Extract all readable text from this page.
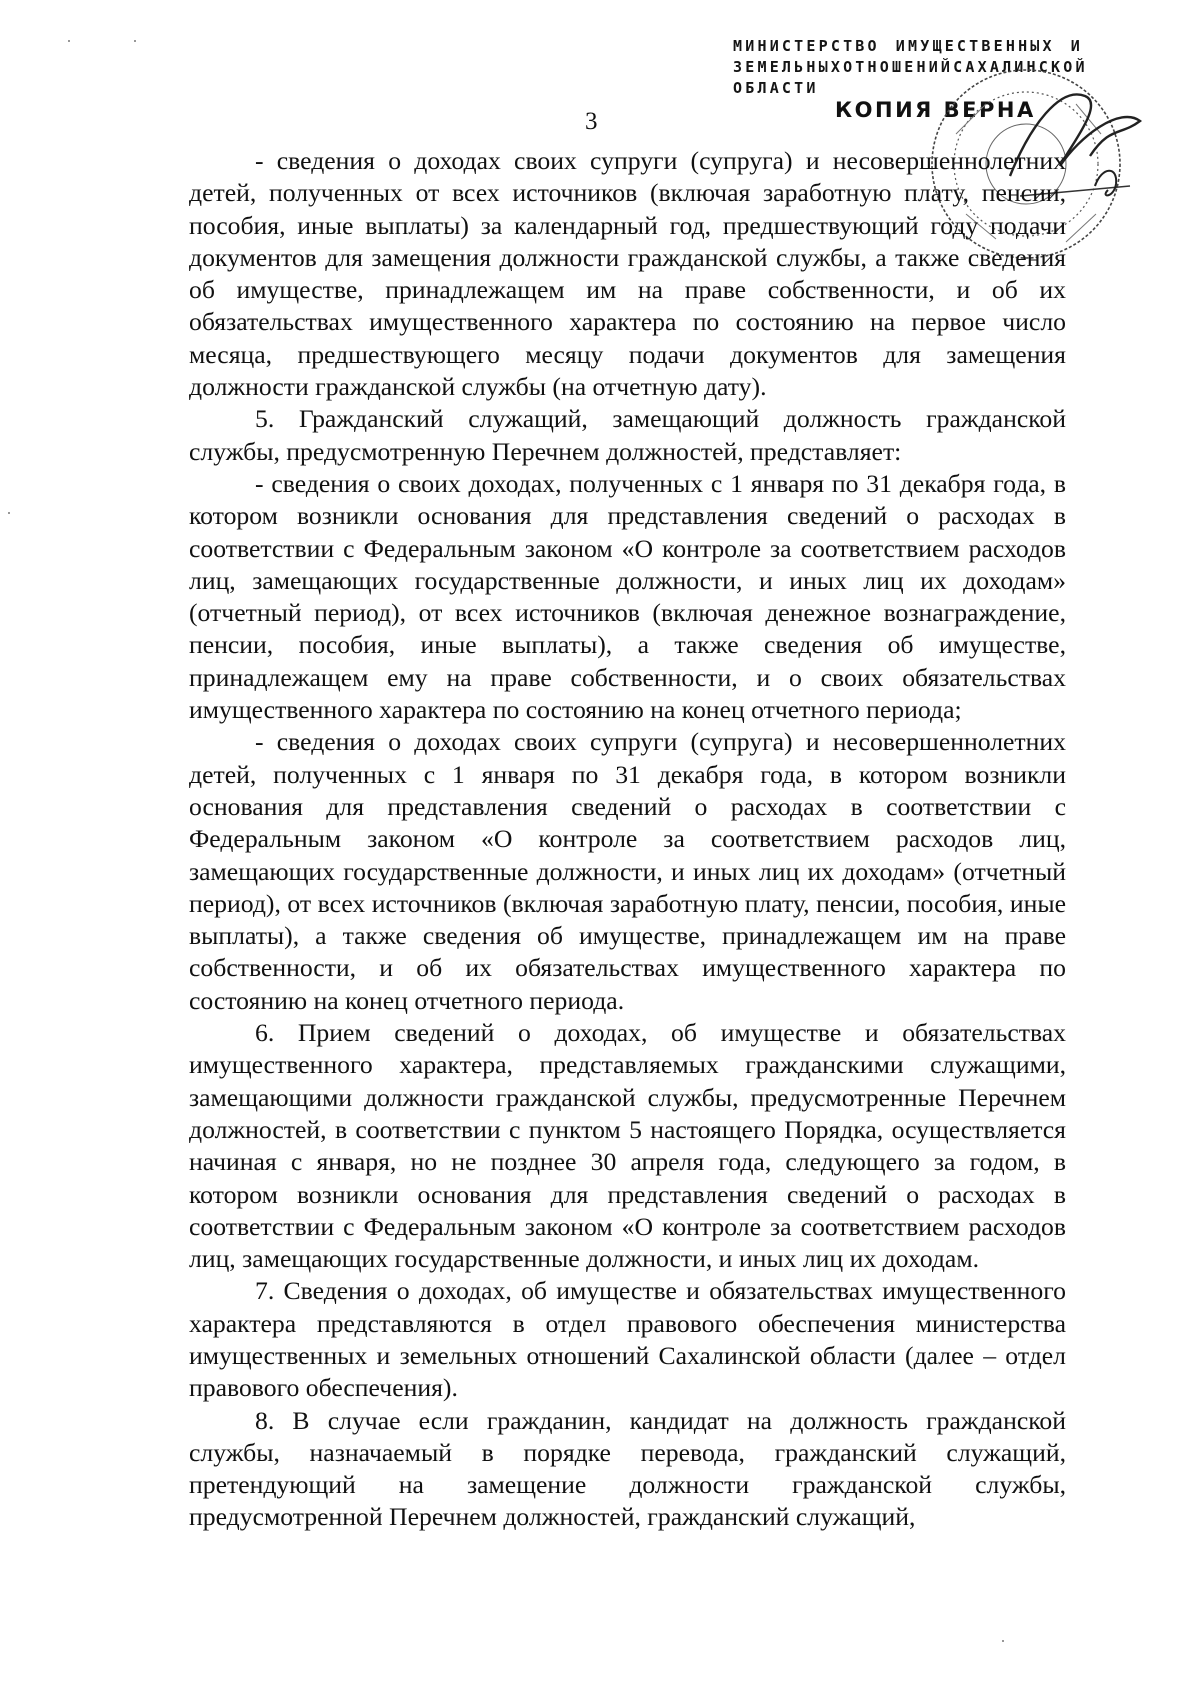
МИНИСТЕРСТВО ИМУЩЕСТВЕННЫХ И
ЗЕМЕЛЬНЫХ ОТНОШЕНИЙ САХАЛИНСКОЙ
ОБЛАСТИ
КОПИЯ ВЕРНА
3

- сведения о доходах своих супруги (супруга) и несовершеннолетних детей, полученных от всех источников (включая заработную плату, пенсии, пособия, иные выплаты) за календарный год, предшествующий году подачи документов для замещения должности гражданской службы, а также сведения об имуществе, принадлежащем им на праве собственности, и об их обязательствах имущественного характера по состоянию на первое число месяца, предшествующего месяцу подачи документов для замещения должности гражданской службы (на отчетную дату).

5. Гражданский служащий, замещающий должность гражданской службы, предусмотренную Перечнем должностей, представляет:

- сведения о своих доходах, полученных с 1 января по 31 декабря года, в котором возникли основания для представления сведений о расходах в соответствии с Федеральным законом «О контроле за соответствием расходов лиц, замещающих государственные должности, и иных лиц их доходам» (отчетный период), от всех источников (включая денежное вознаграждение, пенсии, пособия, иные выплаты), а также сведения об имуществе, принадлежащем ему на праве собственности, и о своих обязательствах имущественного характера по состоянию на конец отчетного периода;

- сведения о доходах своих супруги (супруга) и несовершеннолетних детей, полученных с 1 января по 31 декабря года, в котором возникли основания для представления сведений о расходах в соответствии с Федеральным законом «О контроле за соответствием расходов лиц, замещающих государственные должности, и иных лиц их доходам» (отчетный период), от всех источников (включая заработную плату, пенсии, пособия, иные выплаты), а также сведения об имуществе, принадлежащем им на праве собственности, и об их обязательствах имущественного характера по состоянию на конец отчетного периода.

6. Прием сведений о доходах, об имуществе и обязательствах имущественного характера, представляемых гражданскими служащими, замещающими должности гражданской службы, предусмотренные Перечнем должностей, в соответствии с пунктом 5 настоящего Порядка, осуществляется начиная с января, но не позднее 30 апреля года, следующего за годом, в котором возникли основания для представления сведений о расходах в соответствии с Федеральным законом «О контроле за соответствием расходов лиц, замещающих государственные должности, и иных лиц их доходам.

7. Сведения о доходах, об имуществе и обязательствах имущественного характера представляются в отдел правового обеспечения министерства имущественных и земельных отношений Сахалинской области (далее – отдел правового обеспечения).

8. В случае если гражданин, кандидат на должность гражданской службы, назначаемый в порядке перевода, гражданский служащий, претендующий на замещение должности гражданской службы, предусмотренной Перечнем должностей, гражданский служащий,
